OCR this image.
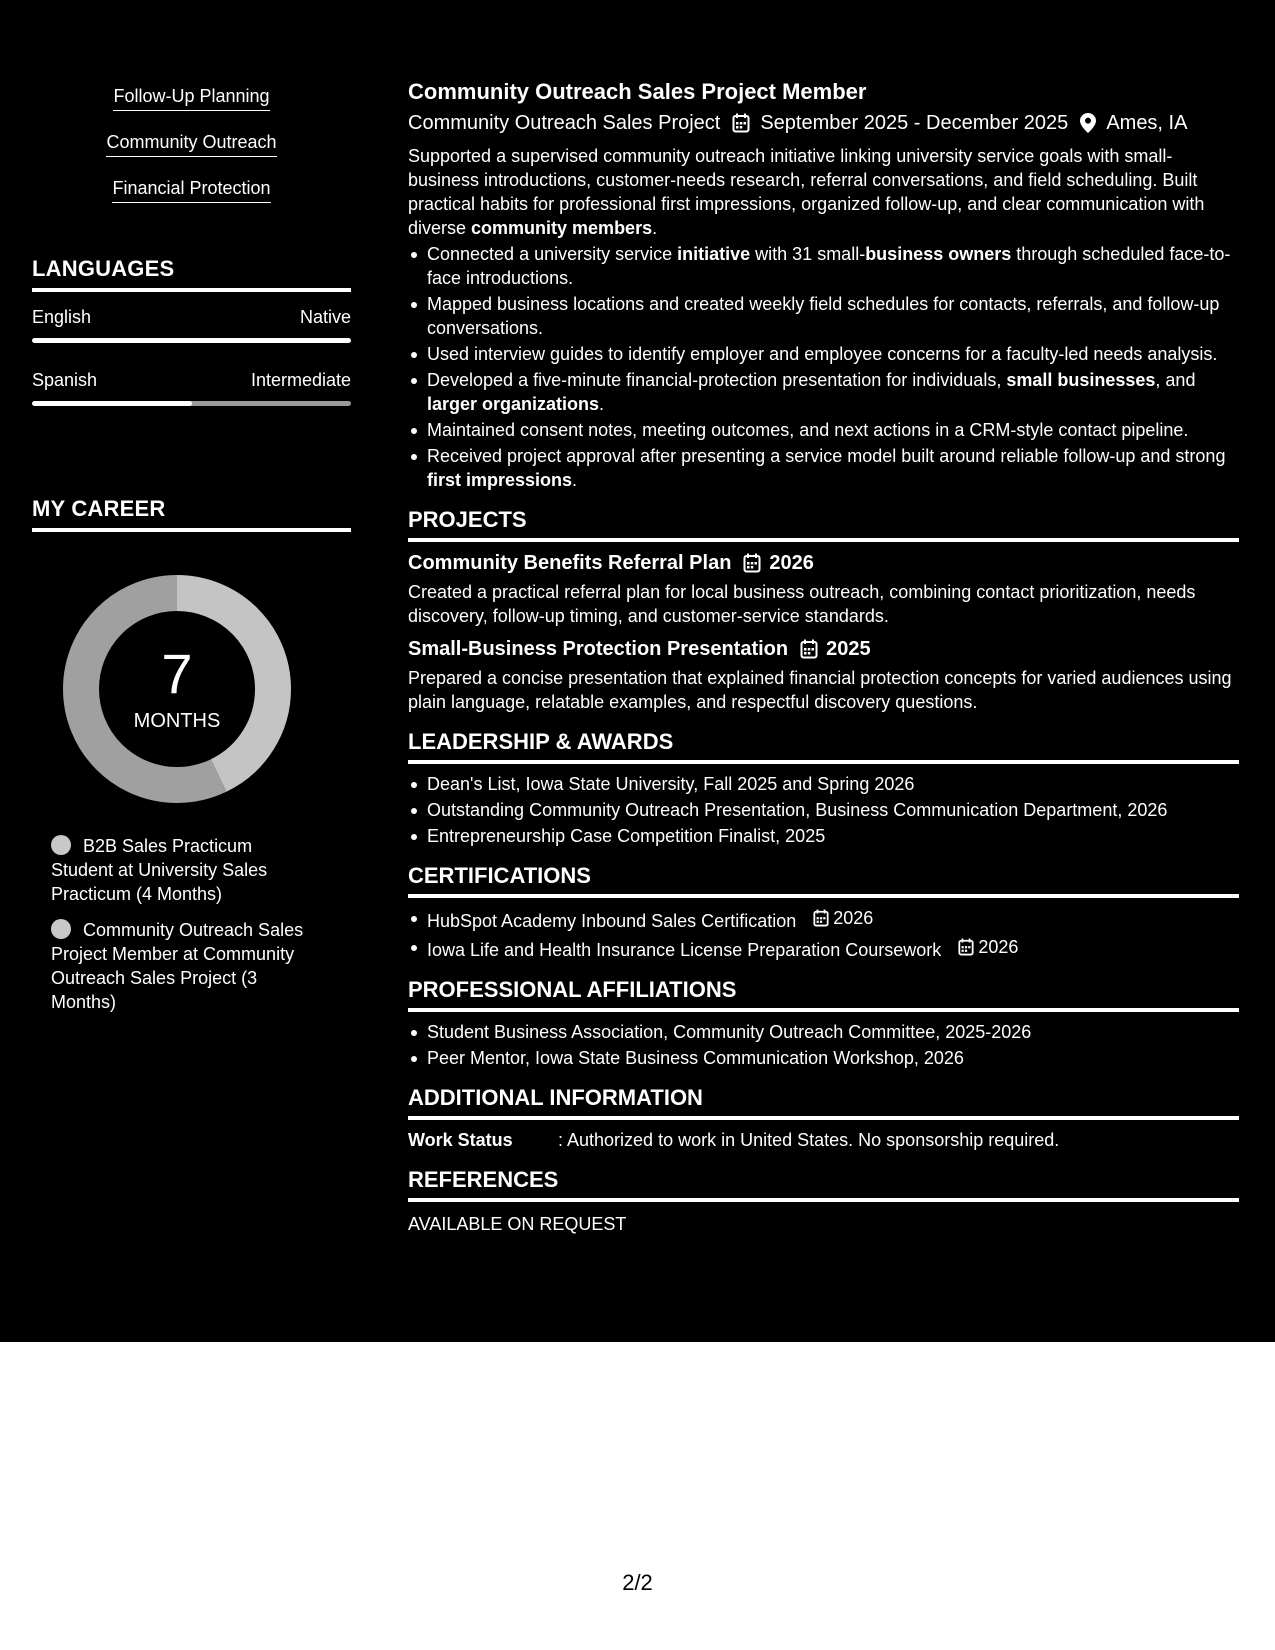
Follow-Up Planning
Community Outreach
Financial Protection
LANGUAGES
English	Native
Spanish	Intermediate
MY CAREER
7
MONTHS
B2B Sales Practicum Student at University Sales Practicum (4 Months)
Community Outreach Sales Project Member at Community Outreach Sales Project (3 Months)
Community Outreach Sales Project Member
Community Outreach Sales Project September 2025 - December 2025 Ames, IA
Supported a supervised community outreach initiative linking university service goals with small-business introductions, customer-needs research, referral conversations, and field scheduling. Built practical habits for professional first impressions, organized follow-up, and clear communication with diverse community members.
Connected a university service initiative with 31 small-business owners through scheduled face-to-face introductions.
Mapped business locations and created weekly field schedules for contacts, referrals, and follow-up conversations.
Used interview guides to identify employer and employee concerns for a faculty-led needs analysis.
Developed a five-minute financial-protection presentation for individuals, small businesses, and larger organizations.
Maintained consent notes, meeting outcomes, and next actions in a CRM-style contact pipeline.
Received project approval after presenting a service model built around reliable follow-up and strong first impressions.
PROJECTS
Community Benefits Referral Plan 2026
Created a practical referral plan for local business outreach, combining contact prioritization, needs discovery, follow-up timing, and customer-service standards.
Small-Business Protection Presentation 2025
Prepared a concise presentation that explained financial protection concepts for varied audiences using plain language, relatable examples, and respectful discovery questions.
LEADERSHIP & AWARDS
Dean's List, Iowa State University, Fall 2025 and Spring 2026
Outstanding Community Outreach Presentation, Business Communication Department, 2026
Entrepreneurship Case Competition Finalist, 2025
CERTIFICATIONS
HubSpot Academy Inbound Sales Certification 2026
Iowa Life and Health Insurance License Preparation Coursework 2026
PROFESSIONAL AFFILIATIONS
Student Business Association, Community Outreach Committee, 2025-2026
Peer Mentor, Iowa State Business Communication Workshop, 2026
ADDITIONAL INFORMATION
Work Status	: Authorized to work in United States. No sponsorship required.
REFERENCES
AVAILABLE ON REQUEST
2/2
